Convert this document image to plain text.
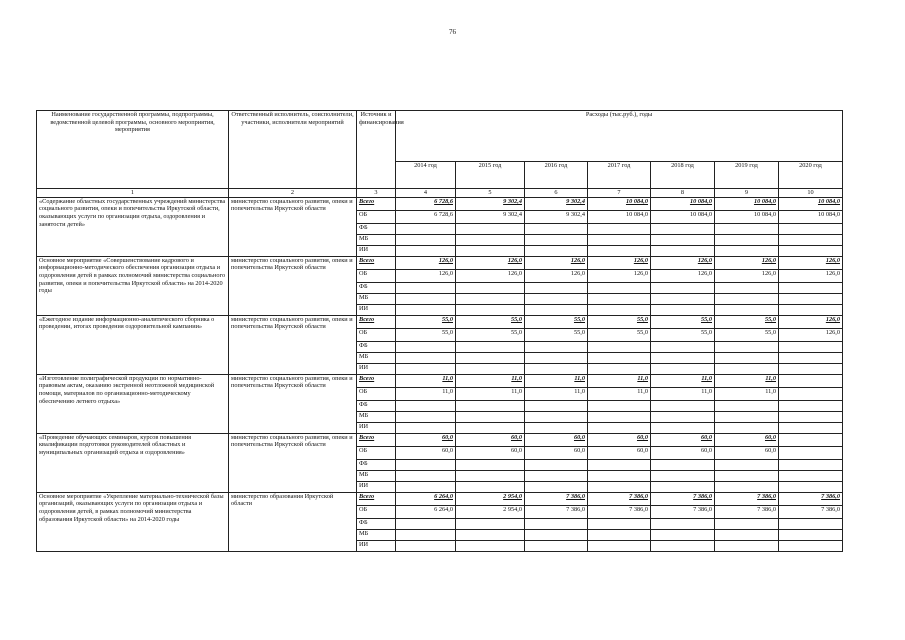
76
Наименование государственной программы, подпрограммы, ведомственной целевой программы, основного мероприятия, мероприятия	Ответственный исполнитель, соисполнители, участники, исполнители мероприятий	Источник и финансирования	Расходы (тыс.руб.), годы						
			2014 год	2015 год	2016 год	2017 год	2018 год	2019 год	2020 год
1	2	3	4	5	6	7	8	9	10
«Содержание областных государственных учреждений министерства социального развития, опеки и попечительства Иркутской области, оказывающих услуги по организации отдыха, оздоровления и занятости детей»	министерство социального развития, опеки и попечительства Иркутской области	Всего	6 728,6	9 302,4	9 302,4	10 084,0	10 084,0	10 084,0	10 084,0
		ОБ	6 728,6	9 302,4	9 302,4	10 084,0	10 084,0	10 084,0	10 084,0
		ФБ							
		МБ							
		ИИ							
Основное мероприятие «Совершенствование кадрового и информационно-методического обеспечения организации отдыха и оздоровления детей в рамках полномочий министерства социального развития, опеки и попечительства Иркутской области» на 2014-2020 годы	министерство социального развития, опеки и попечительства Иркутской области	Всего	126,0	126,0	126,0	126,0	126,0	126,0	126,0
		ОБ	126,0	126,0	126,0	126,0	126,0	126,0	126,0
		ФБ							
		МБ							
		ИИ							
«Ежегодное издание информационно-аналитического сборника о проведении, итогах проведения оздоровительной кампании»	министерство социального развития, опеки и попечительства Иркутской области	Всего	55,0	55,0	55,0	55,0	55,0	55,0	126,0
		ОБ	55,0	55,0	55,0	55,0	55,0	55,0	126,0
		ФБ							
		МБ							
		ИИ							
«Изготовление полиграфической продукции по нормативно-правовым актам, оказанию экстренной неотложной медицинской помощи, материалов по организационно-методическому обеспечению летнего отдыха»	министерство социального развития, опеки и попечительства Иркутской области	Всего	11,0	11,0	11,0	11,0	11,0	11,0	
		ОБ	11,0	11,0	11,0	11,0	11,0	11,0	
		ФБ							
		МБ							
		ИИ							
«Проведение обучающих семинаров, курсов повышения квалификации подготовки руководителей областных и муниципальных организаций отдыха и оздоровления»	министерство социального развития, опеки и попечительства Иркутской области	Всего	60,0	60,0	60,0	60,0	60,0	60,0	
		ОБ	60,0	60,0	60,0	60,0	60,0	60,0	
		ФБ							
		МБ							
		ИИ							
Основное мероприятие «Укрепление материально-технической базы организаций, оказывающих услуги по организации отдыха и оздоровления детей, в рамках полномочий министерства образования Иркутской области» на 2014-2020 годы	министерство образования Иркутской области	Всего	6 264,0	2 954,0	7 386,0	7 386,0	7 386,0	7 386,0	7 386,0
		ОБ	6 264,0	2 954,0	7 386,0	7 386,0	7 386,0	7 386,0	7 386,0
		ФБ							
		МБ							
		ИИ							
